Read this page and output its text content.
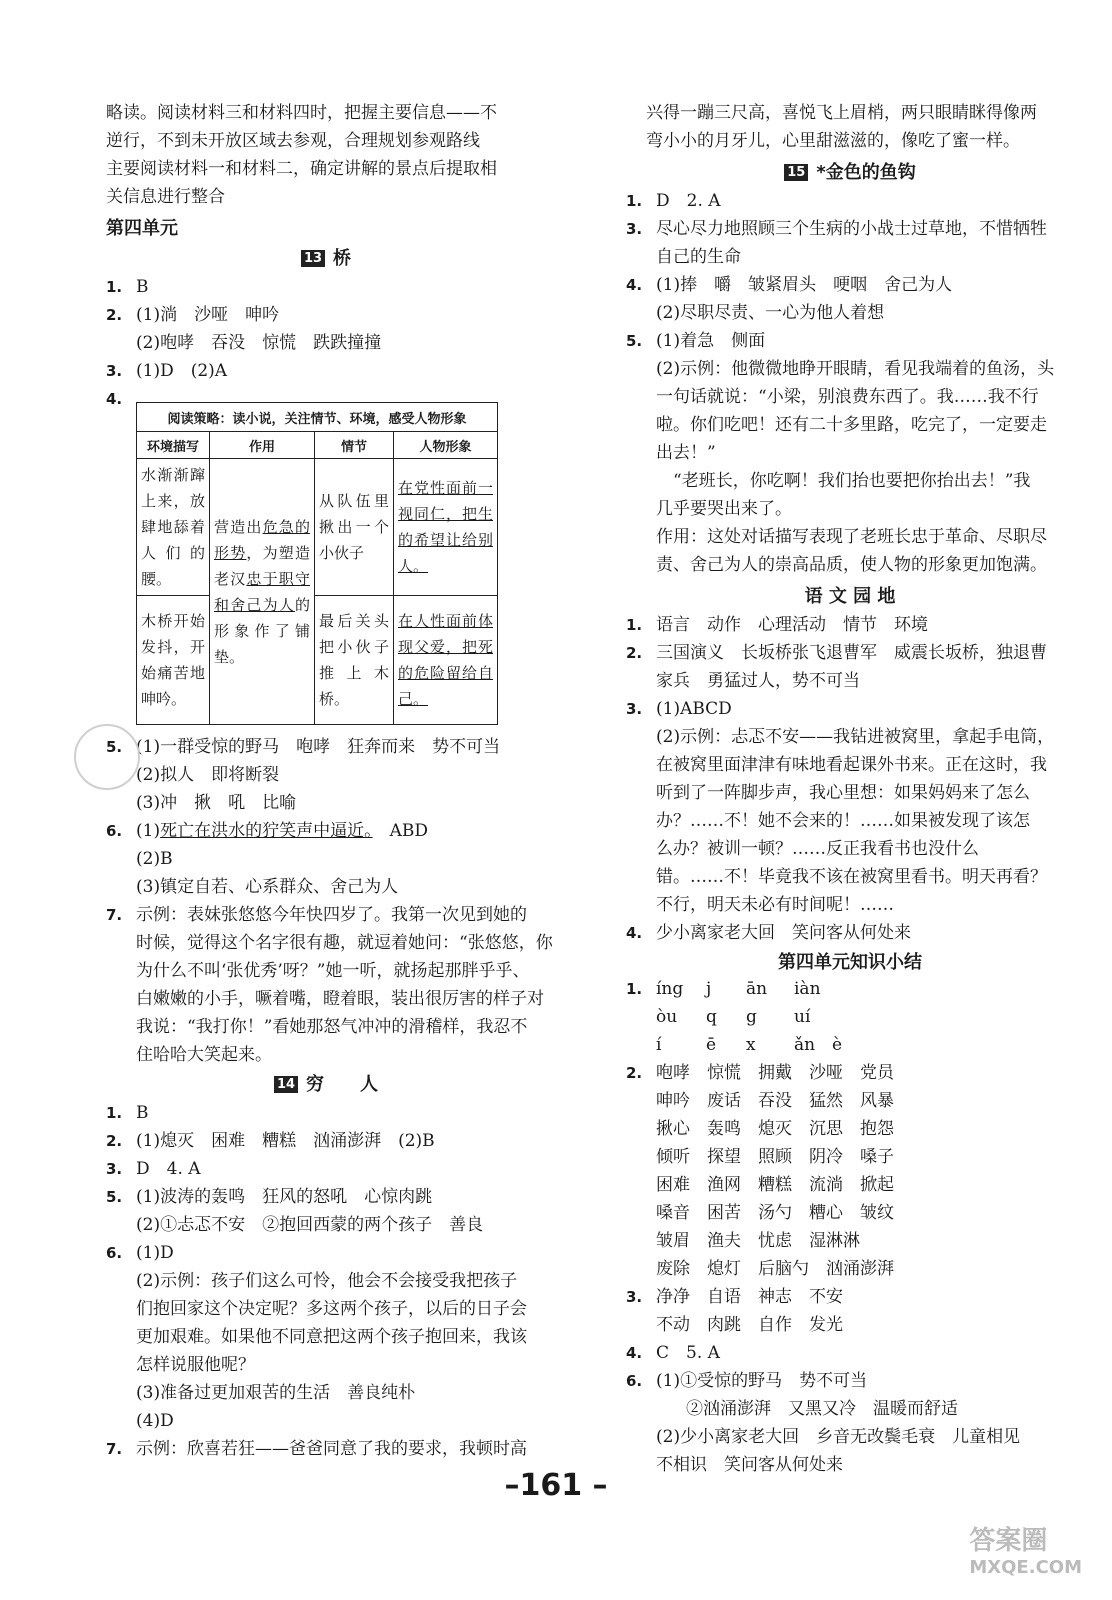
略读。阅读材料三和材料四时，把握主要信息——不
逆行，不到未开放区域去参观，合理规划参观路线
主要阅读材料一和材料二，确定讲解的景点后提取相
关信息进行整合
第四单元
13 桥
1. B
2. (1)淌　沙哑　呻吟
(2)咆哮　吞没　惊慌　跌跌撞撞
3. (1)D　(2)A
4.
阅读策略：读小说，关注情节、环境，感受人物形象			
环境描写	作用	情节	人物形象
水渐渐蹿上来，放肆地舔着人们的腰。	营造出危急的形势，为塑造老汉忠于职守和舍己为人的形象作了铺垫。	从队伍里揪出一个小伙子	在党性面前一视同仁，把生的希望让给别人。
木桥开始发抖，开始痛苦地呻吟。		最后关头把小伙子推上木桥。	在人性面前体现父爱，把死的危险留给自己。
5. (1)一群受惊的野马　咆哮　狂奔而来　势不可当
(2)拟人　即将断裂
(3)冲　揪　吼　比喻
6. (1)死亡在洪水的狞笑声中逼近。　ABD
(2)B
(3)镇定自若、心系群众、舍己为人
7. 示例：表妹张悠悠今年快四岁了。我第一次见到她的
时候，觉得这个名字很有趣，就逗着她问：“张悠悠，你
为什么不叫‘张优秀’呀？”她一听，就扬起那胖乎乎、
白嫩嫩的小手，噘着嘴，瞪着眼，装出很厉害的样子对
我说：“我打你！”看她那怒气冲冲的滑稽样，我忍不
住哈哈大笑起来。
14 穷　　人
1. B
2. (1)熄灭　困难　糟糕　汹涌澎湃　(2)B
3. D　4. A
5. (1)波涛的轰鸣　狂风的怒吼　心惊肉跳
(2)①忐忑不安　②抱回西蒙的两个孩子　善良
6. (1)D
(2)示例：孩子们这么可怜，他会不会接受我把孩子
们抱回家这个决定呢？多这两个孩子，以后的日子会
更加艰难。如果他不同意把这两个孩子抱回来，我该
怎样说服他呢？
(3)准备过更加艰苦的生活　善良纯朴
(4)D
7. 示例：欣喜若狂——爸爸同意了我的要求，我顿时高
兴得一蹦三尺高，喜悦飞上眉梢，两只眼睛眯得像两
弯小小的月牙儿，心里甜滋滋的，像吃了蜜一样。
15 *金色的鱼钩
1. D　2. A
3. 尽心尽力地照顾三个生病的小战士过草地，不惜牺牲
自己的生命
4. (1)捧　嚼　皱紧眉头　哽咽　舍己为人
(2)尽职尽责、一心为他人着想
5. (1)着急　侧面
(2)示例：他微微地睁开眼睛，看见我端着的鱼汤，头
一句话就说：“小梁，别浪费东西了。我……我不行
啦。你们吃吧！还有二十多里路，吃完了，一定要走
出去！”
　“老班长，你吃啊！我们抬也要把你抬出去！”我
几乎要哭出来了。
作用：这处对话描写表现了老班长忠于革命、尽职尽
责、舍己为人的崇高品质，使人物的形象更加饱满。
语 文 园 地
1. 语言　动作　心理活动　情节　环境
2. 三国演义　长坂桥张飞退曹军　威震长坂桥，独退曹
家兵　勇猛过人，势不可当
3. (1)ABCD
(2)示例：忐忑不安——我钻进被窝里，拿起手电筒，
在被窝里面津津有味地看起课外书来。正在这时，我
听到了一阵脚步声，我心里想：如果妈妈来了怎么
办？……不！她不会来的！……如果被发现了该怎
么办？被训一顿？……反正我看书也没什么
错。……不！毕竟我不该在被窝里看书。明天再看？
不行，明天未必有时间呢！……
4. 少小离家老大回　笑问客从何处来
第四单元知识小结
1. íng j ān iàn
òu q g uí
í	ē x ǎn è
2. 咆哮　惊慌　拥戴　沙哑　党员
呻吟　废话　吞没　猛然　风暴
揪心　轰鸣　熄灭　沉思　抱怨
倾听　探望　照顾　阴冷　嗓子
困难　渔网　糟糕　流淌　掀起
嗓音　困苦　汤勺　糟心　皱纹
皱眉　渔夫　忧虑　湿淋淋
废除　熄灯　后脑勺　汹涌澎湃
3. 净净　自语　神志　不安
不动　肉跳　自作　发光
4. C　5. A
6. (1)①受惊的野马　势不可当
②汹涌澎湃　又黑又冷　温暖而舒适
(2)少小离家老大回　乡音无改鬓毛衰　儿童相见
不相识　笑问客从何处来
–161 –
答案圈
MXQE.COM
